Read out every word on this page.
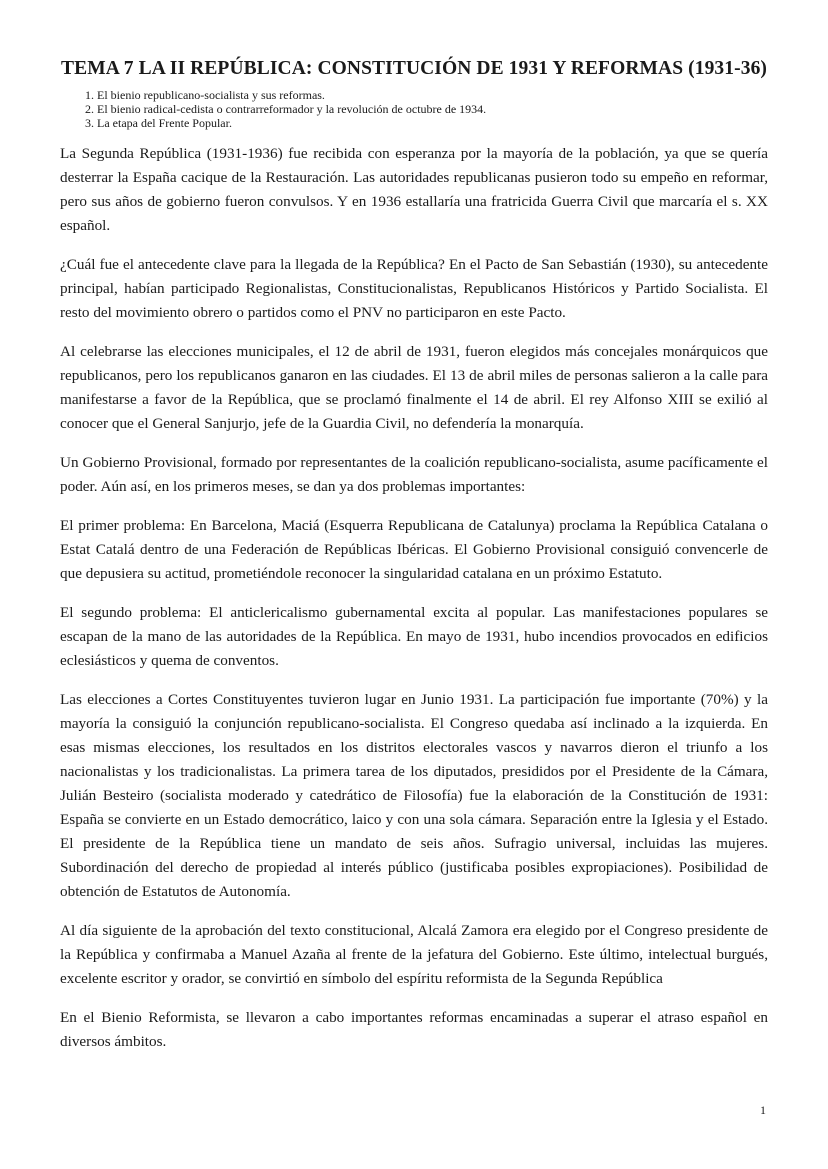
TEMA 7 LA II REPÚBLICA: CONSTITUCIÓN DE 1931 Y REFORMAS (1931-36)
1. El bienio republicano-socialista y sus reformas.
2. El bienio radical-cedista o contrarreformador y la revolución de octubre de 1934.
3. La etapa del Frente Popular.

La Segunda República (1931-1936) fue recibida con esperanza por la mayoría de la población, ya que se quería desterrar la España cacique de la Restauración. Las autoridades republicanas pusieron todo su empeño en reformar, pero sus años de gobierno fueron convulsos. Y en 1936 estallaría una fratricida Guerra Civil que marcaría el s. XX español.

¿Cuál fue el antecedente clave para la llegada de la República? En el Pacto de San Sebastián (1930), su antecedente principal, habían participado Regionalistas, Constitucionalistas, Republicanos Históricos y Partido Socialista. El resto del movimiento obrero o partidos como el PNV no participaron en este Pacto.

Al celebrarse las elecciones municipales, el 12 de abril de 1931, fueron elegidos más concejales monárquicos que republicanos, pero los republicanos ganaron en las ciudades. El 13 de abril miles de personas salieron a la calle para manifestarse a favor de la República, que se proclamó finalmente el 14 de abril. El rey Alfonso XIII se exilió al conocer que el General Sanjurjo, jefe de la Guardia Civil, no defendería la monarquía.

Un Gobierno Provisional, formado por representantes de la coalición republicano-socialista, asume pacíficamente el poder. Aún así, en los primeros meses, se dan ya dos problemas importantes:

El primer problema: En Barcelona, Maciá (Esquerra Republicana de Catalunya) proclama la República Catalana o Estat Catalá dentro de una Federación de Repúblicas Ibéricas. El Gobierno Provisional consiguió convencerle de que depusiera su actitud, prometiéndole reconocer la singularidad catalana en un próximo Estatuto.

El segundo problema: El anticlericalismo gubernamental excita al popular. Las manifestaciones populares se escapan de la mano de las autoridades de la República. En mayo de 1931, hubo incendios provocados en edificios eclesiásticos y quema de conventos.

Las elecciones a Cortes Constituyentes tuvieron lugar en Junio 1931. La participación fue importante (70%) y la mayoría la consiguió la conjunción republicano-socialista. El Congreso quedaba así inclinado a la izquierda. En esas mismas elecciones, los resultados en los distritos electorales vascos y navarros dieron el triunfo a los nacionalistas y los tradicionalistas. La primera tarea de los diputados, presididos por el Presidente de la Cámara, Julián Besteiro (socialista moderado y catedrático de Filosofía) fue la elaboración de la Constitución de 1931: España se convierte en un Estado democrático, laico y con una sola cámara. Separación entre la Iglesia y el Estado. El presidente de la República tiene un mandato de seis años. Sufragio universal, incluidas las mujeres. Subordinación del derecho de propiedad al interés público (justificaba posibles expropiaciones). Posibilidad de obtención de Estatutos de Autonomía.

Al día siguiente de la aprobación del texto constitucional, Alcalá Zamora era elegido por el Congreso presidente de la República y confirmaba a Manuel Azaña al frente de la jefatura del Gobierno. Este último, intelectual burgués, excelente escritor y orador, se convirtió en símbolo del espíritu reformista de la Segunda República

En el Bienio Reformista, se llevaron a cabo importantes reformas encaminadas a superar el atraso español en diversos ámbitos.

1
